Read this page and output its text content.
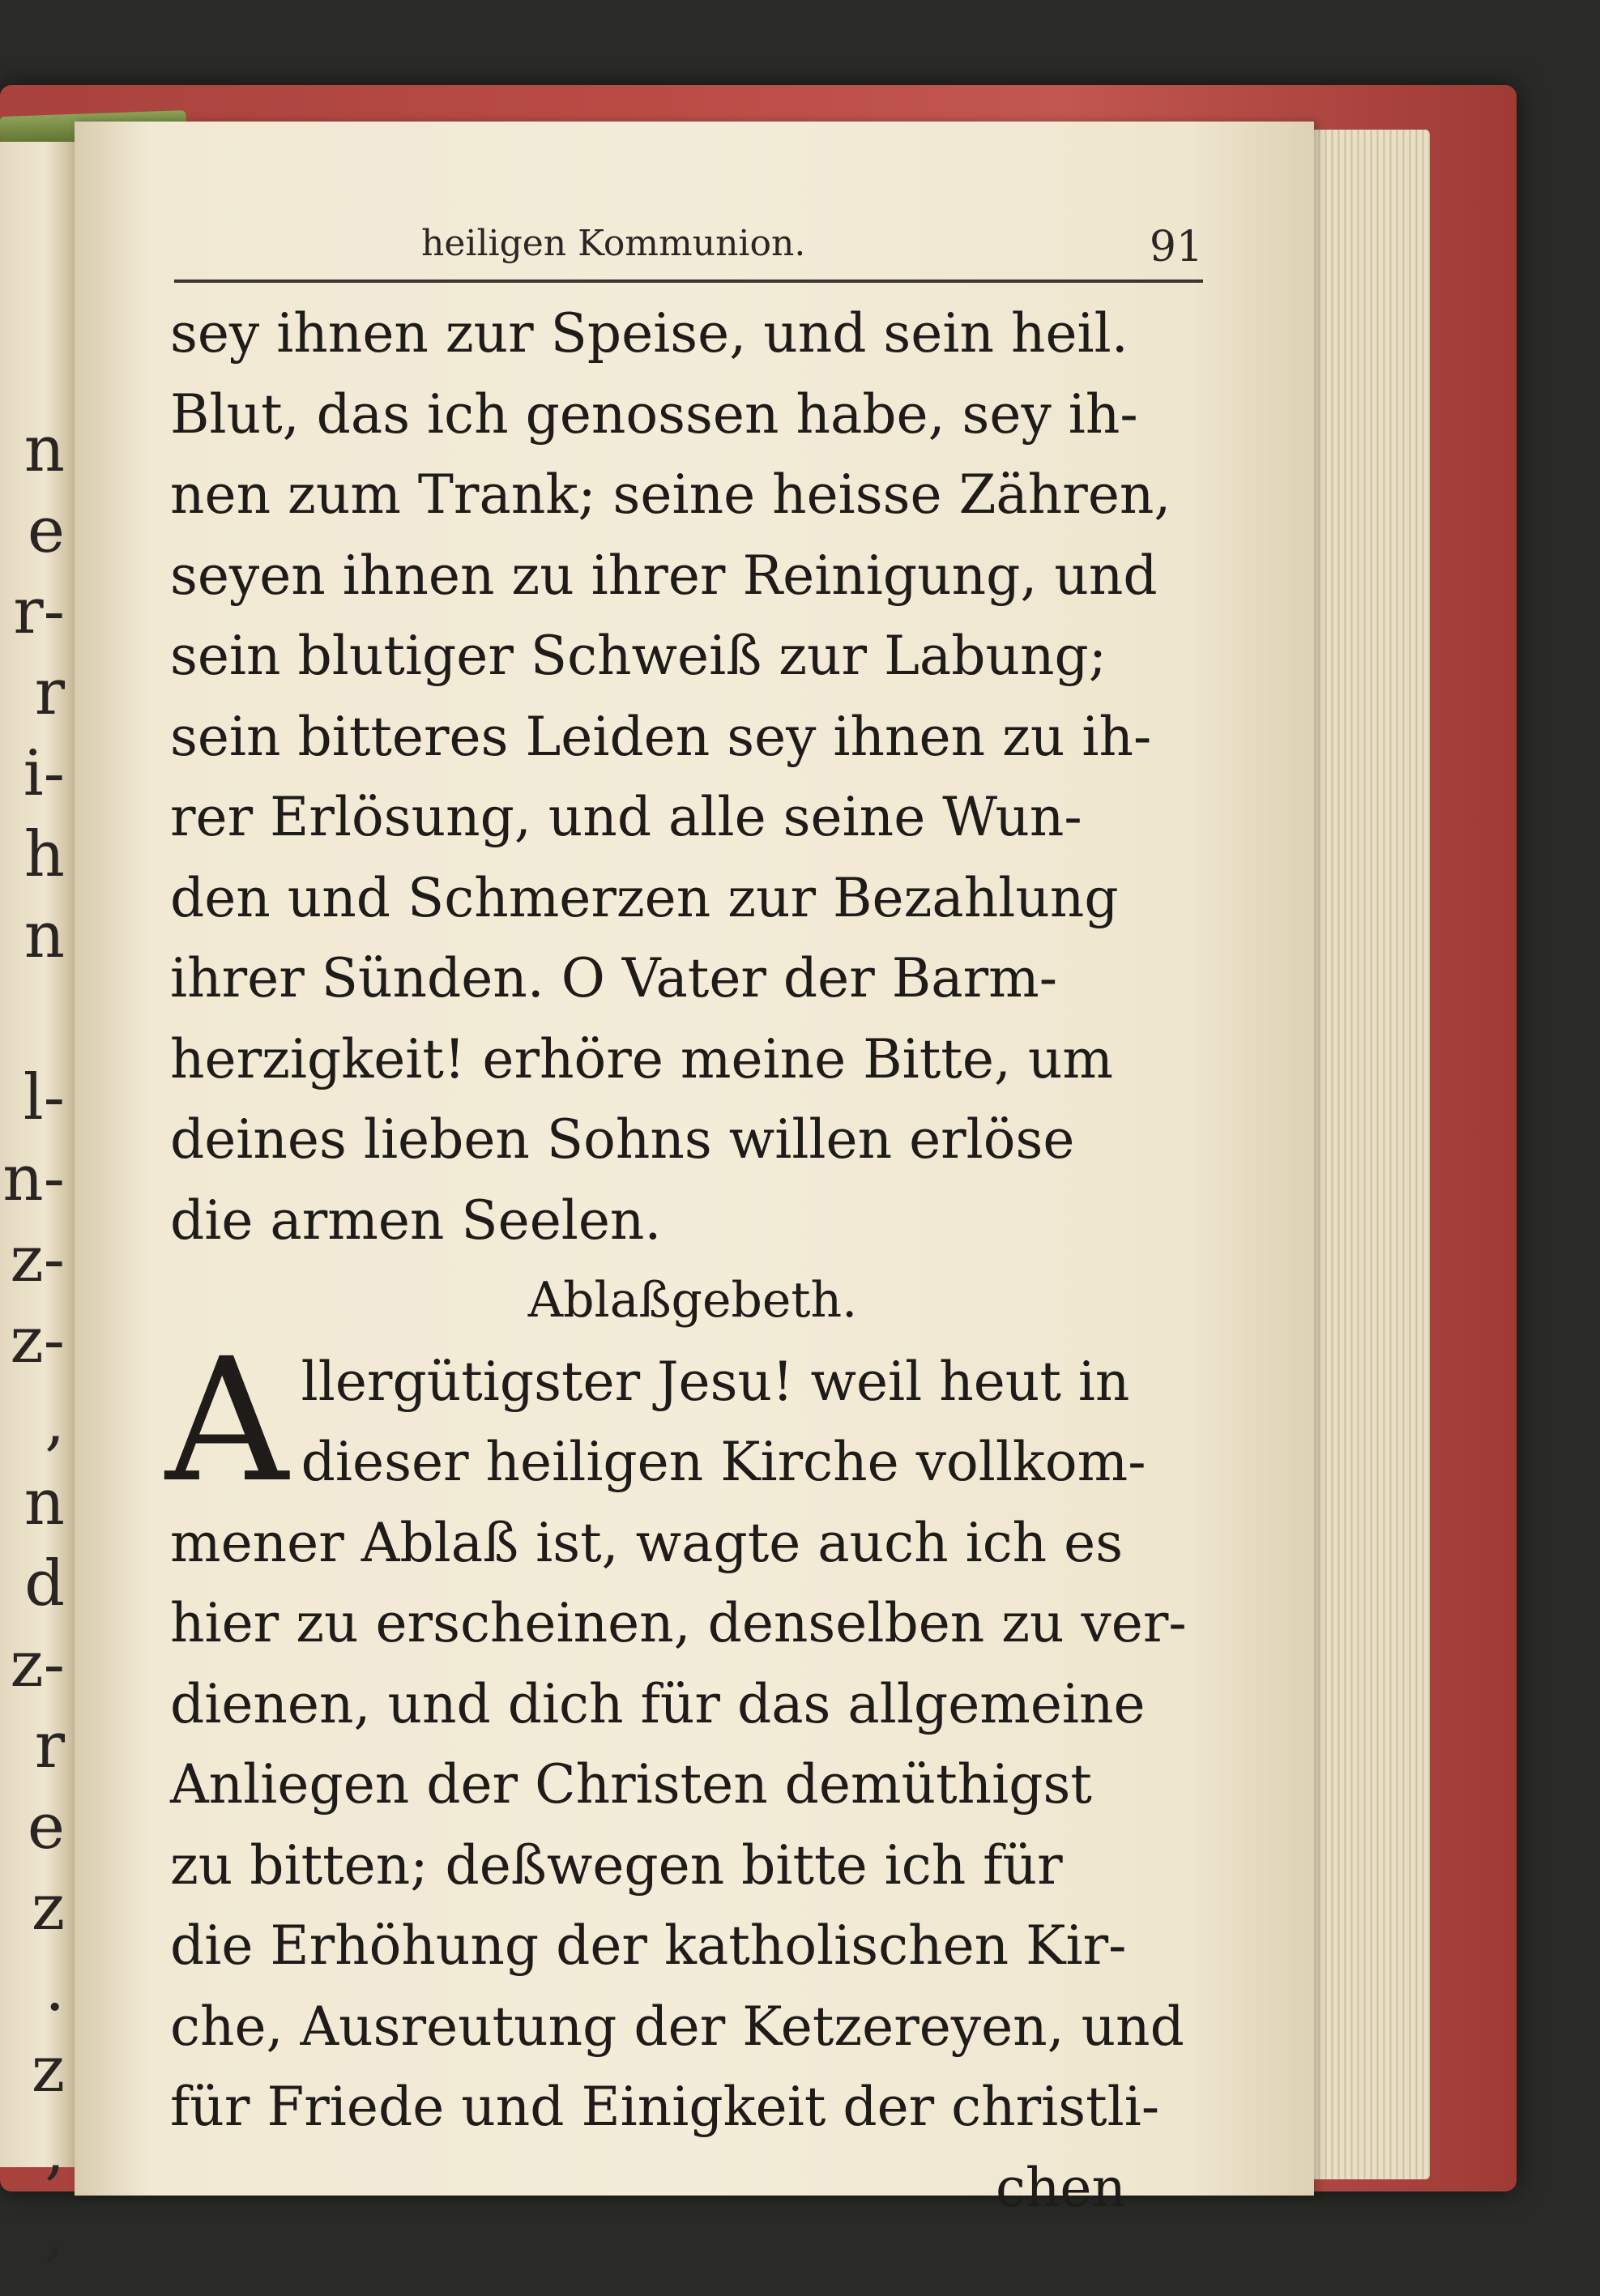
n
e
r-
r
i-
h
n

l-
n-
z-
z-
,
n
d
z-
r
e
z
.
z
,
,
heiligen Kommunion.	91
sey ihnen zur Speise, und sein heil.
Blut, das ich genossen habe, sey ih-
nen zum Trank; seine heisse Zähren,
seyen ihnen zu ihrer Reinigung, und
sein blutiger Schweiß zur Labung;
sein bitteres Leiden sey ihnen zu ih-
rer Erlösung, und alle seine Wun-
den und Schmerzen zur Bezahlung
ihrer Sünden. O Vater der Barm-
herzigkeit! erhöre meine Bitte, um
deines lieben Sohns willen erlöse
die armen Seelen.
Ablaßgebeth.
A llergütigster Jesu! weil heut in
dieser heiligen Kirche vollkom-
mener Ablaß ist, wagte auch ich es
hier zu erscheinen, denselben zu ver-
dienen, und dich für das allgemeine
Anliegen der Christen demüthigst
zu bitten; deßwegen bitte ich für
die Erhöhung der katholischen Kir-
che, Ausreutung der Ketzereyen, und
für Friede und Einigkeit der christli-
chen
